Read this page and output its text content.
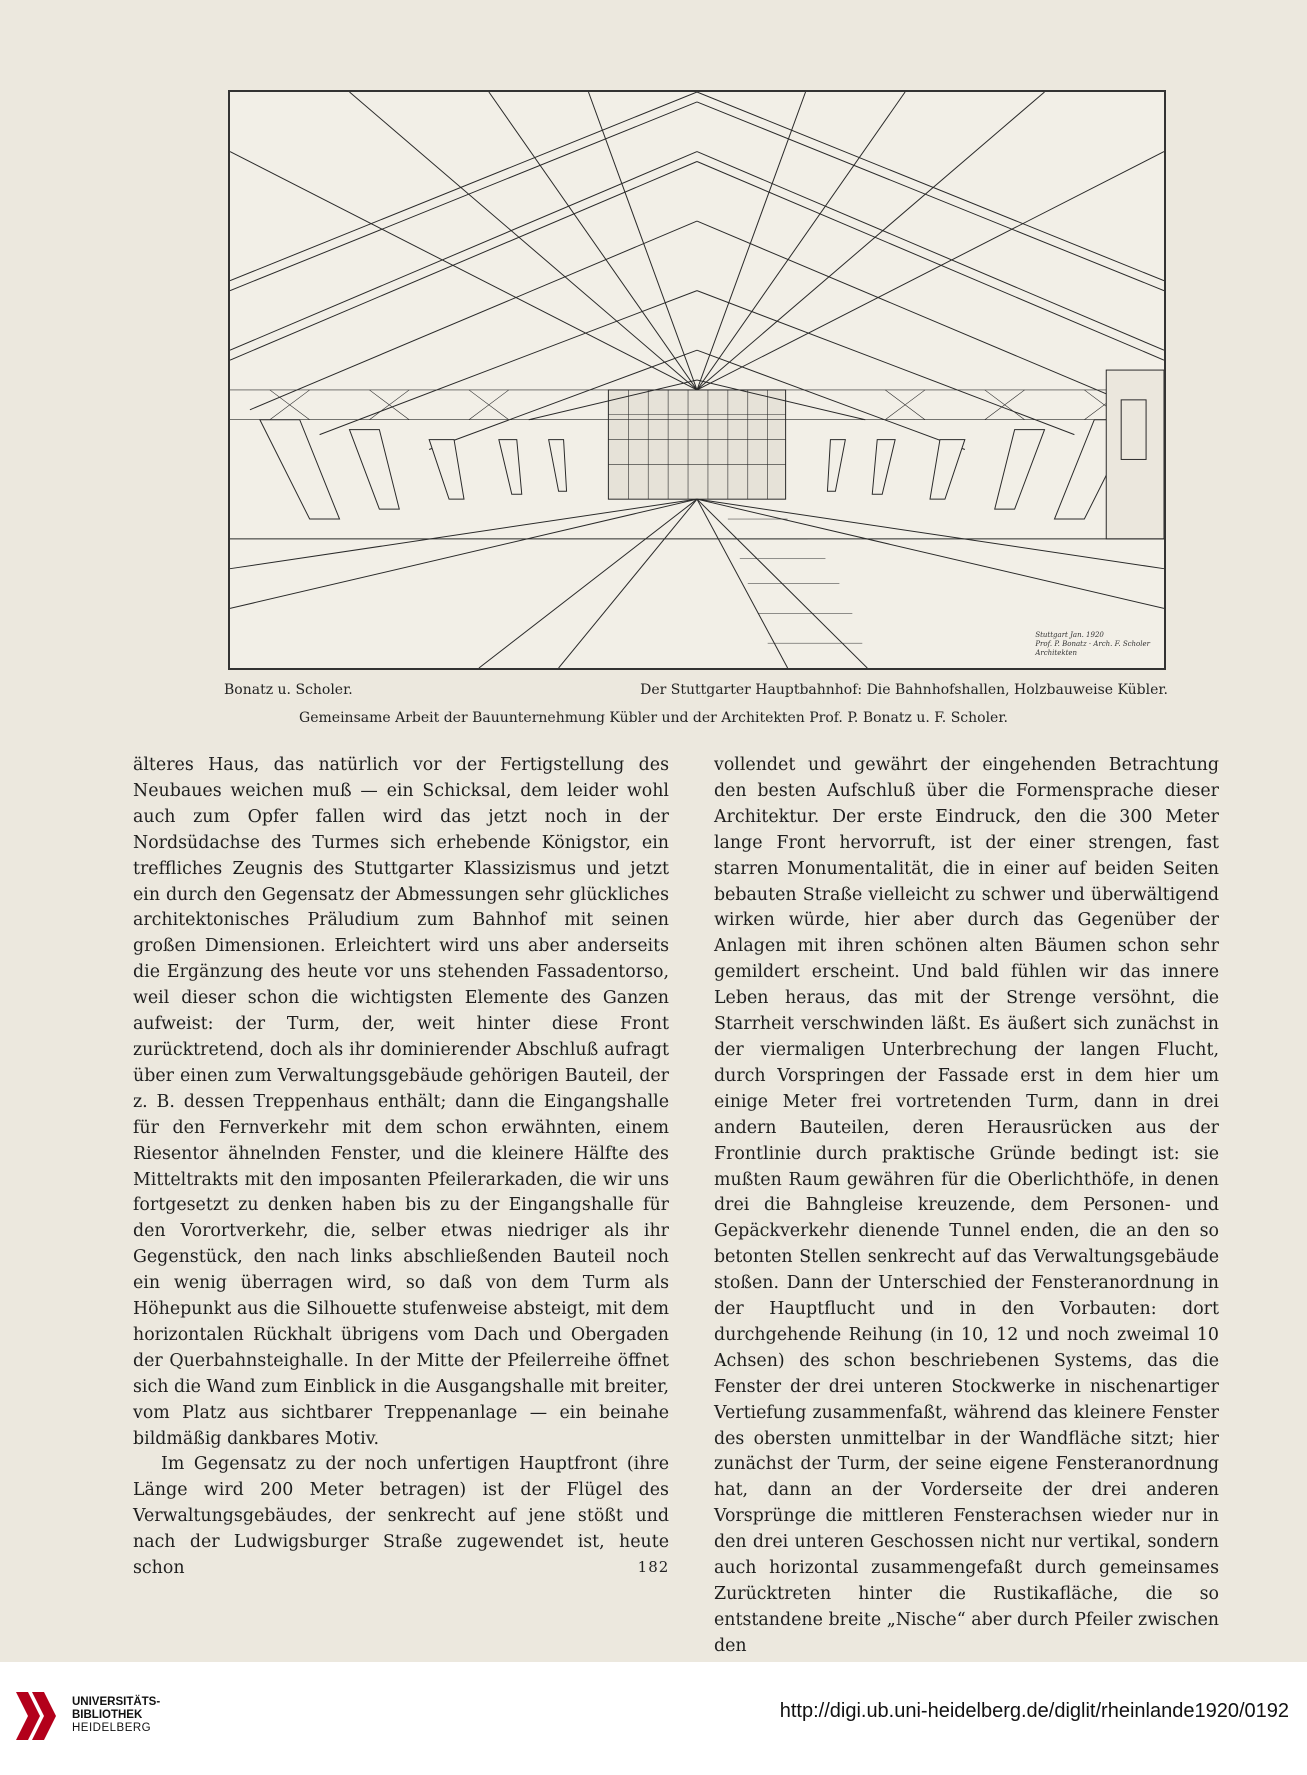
Stuttgart Jan. 1920
Prof. P. Bonatz · Arch. F. Scholer
Architekten
Bonatz u. Scholer.	Der Stuttgarter Hauptbahnhof: Die Bahnhofshallen, Holzbauweise Kübler.
Gemeinsame Arbeit der Bauunternehmung Kübler und der Architekten Prof. P. Bonatz u. F. Scholer.

älteres Haus, das natürlich vor der Fertigstellung des Neubaues weichen muß — ein Schicksal, dem leider wohl auch zum Opfer fallen wird das jetzt noch in der Nordsüdachse des Turmes sich erhebende Königstor, ein treffliches Zeugnis des Stuttgarter Klassizismus und jetzt ein durch den Gegensatz der Abmessungen sehr glückliches architektonisches Präludium zum Bahnhof mit seinen großen Dimensionen. Erleichtert wird uns aber anderseits die Ergänzung des heute vor uns stehenden Fassadentorso, weil dieser schon die wichtigsten Elemente des Ganzen aufweist: der Turm, der, weit hinter diese Front zurücktretend, doch als ihr dominierender Abschluß aufragt über einen zum Verwaltungsgebäude gehörigen Bauteil, der z. B. dessen Treppenhaus enthält; dann die Eingangshalle für den Fernverkehr mit dem schon erwähnten, einem Riesentor ähnelnden Fenster, und die kleinere Hälfte des Mitteltrakts mit den imposanten Pfeilerarkaden, die wir uns fortgesetzt zu denken haben bis zu der Eingangshalle für den Vorortverkehr, die, selber etwas niedriger als ihr Gegenstück, den nach links abschließenden Bauteil noch ein wenig überragen wird, so daß von dem Turm als Höhepunkt aus die Silhouette stufenweise absteigt, mit dem horizontalen Rückhalt übrigens vom Dach und Obergaden der Querbahnsteighalle. In der Mitte der Pfeilerreihe öffnet sich die Wand zum Einblick in die Ausgangshalle mit breiter, vom Platz aus sichtbarer Treppenanlage — ein beinahe bildmäßig dankbares Motiv.

Im Gegensatz zu der noch unfertigen Hauptfront (ihre Länge wird 200 Meter betragen) ist der Flügel des Verwaltungsgebäudes, der senkrecht auf jene stößt und nach der Ludwigsburger Straße zugewendet ist, heute schon

vollendet und gewährt der eingehenden Betrachtung den besten Aufschluß über die Formensprache dieser Architektur. Der erste Eindruck, den die 300 Meter lange Front hervorruft, ist der einer strengen, fast starren Monumentalität, die in einer auf beiden Seiten bebauten Straße vielleicht zu schwer und überwältigend wirken würde, hier aber durch das Gegenüber der Anlagen mit ihren schönen alten Bäumen schon sehr gemildert erscheint. Und bald fühlen wir das innere Leben heraus, das mit der Strenge versöhnt, die Starrheit verschwinden läßt. Es äußert sich zunächst in der viermaligen Unterbrechung der langen Flucht, durch Vorspringen der Fassade erst in dem hier um einige Meter frei vortretenden Turm, dann in drei andern Bauteilen, deren Herausrücken aus der Frontlinie durch praktische Gründe bedingt ist: sie mußten Raum gewähren für die Oberlichthöfe, in denen drei die Bahngleise kreuzende, dem Personen- und Gepäckverkehr dienende Tunnel enden, die an den so betonten Stellen senkrecht auf das Verwaltungsgebäude stoßen. Dann der Unterschied der Fensteranordnung in der Hauptflucht und in den Vorbauten: dort durchgehende Reihung (in 10, 12 und noch zweimal 10 Achsen) des schon beschriebenen Systems, das die Fenster der drei unteren Stockwerke in nischenartiger Vertiefung zusammenfaßt, während das kleinere Fenster des obersten unmittelbar in der Wandfläche sitzt; hier zunächst der Turm, der seine eigene Fensteranordnung hat, dann an der Vorderseite der drei anderen Vorsprünge die mittleren Fensterachsen wieder nur in den drei unteren Geschossen nicht nur vertikal, sondern auch horizontal zusammengefaßt durch gemeinsames Zurücktreten hinter die Rustikafläche, die so entstandene breite „Nische“ aber durch Pfeiler zwischen den

182
UNIVERSITÄTS-
BIBLIOTHEK
HEIDELBERG
http://digi.ub.uni-heidelberg.de/diglit/rheinlande1920/0192
